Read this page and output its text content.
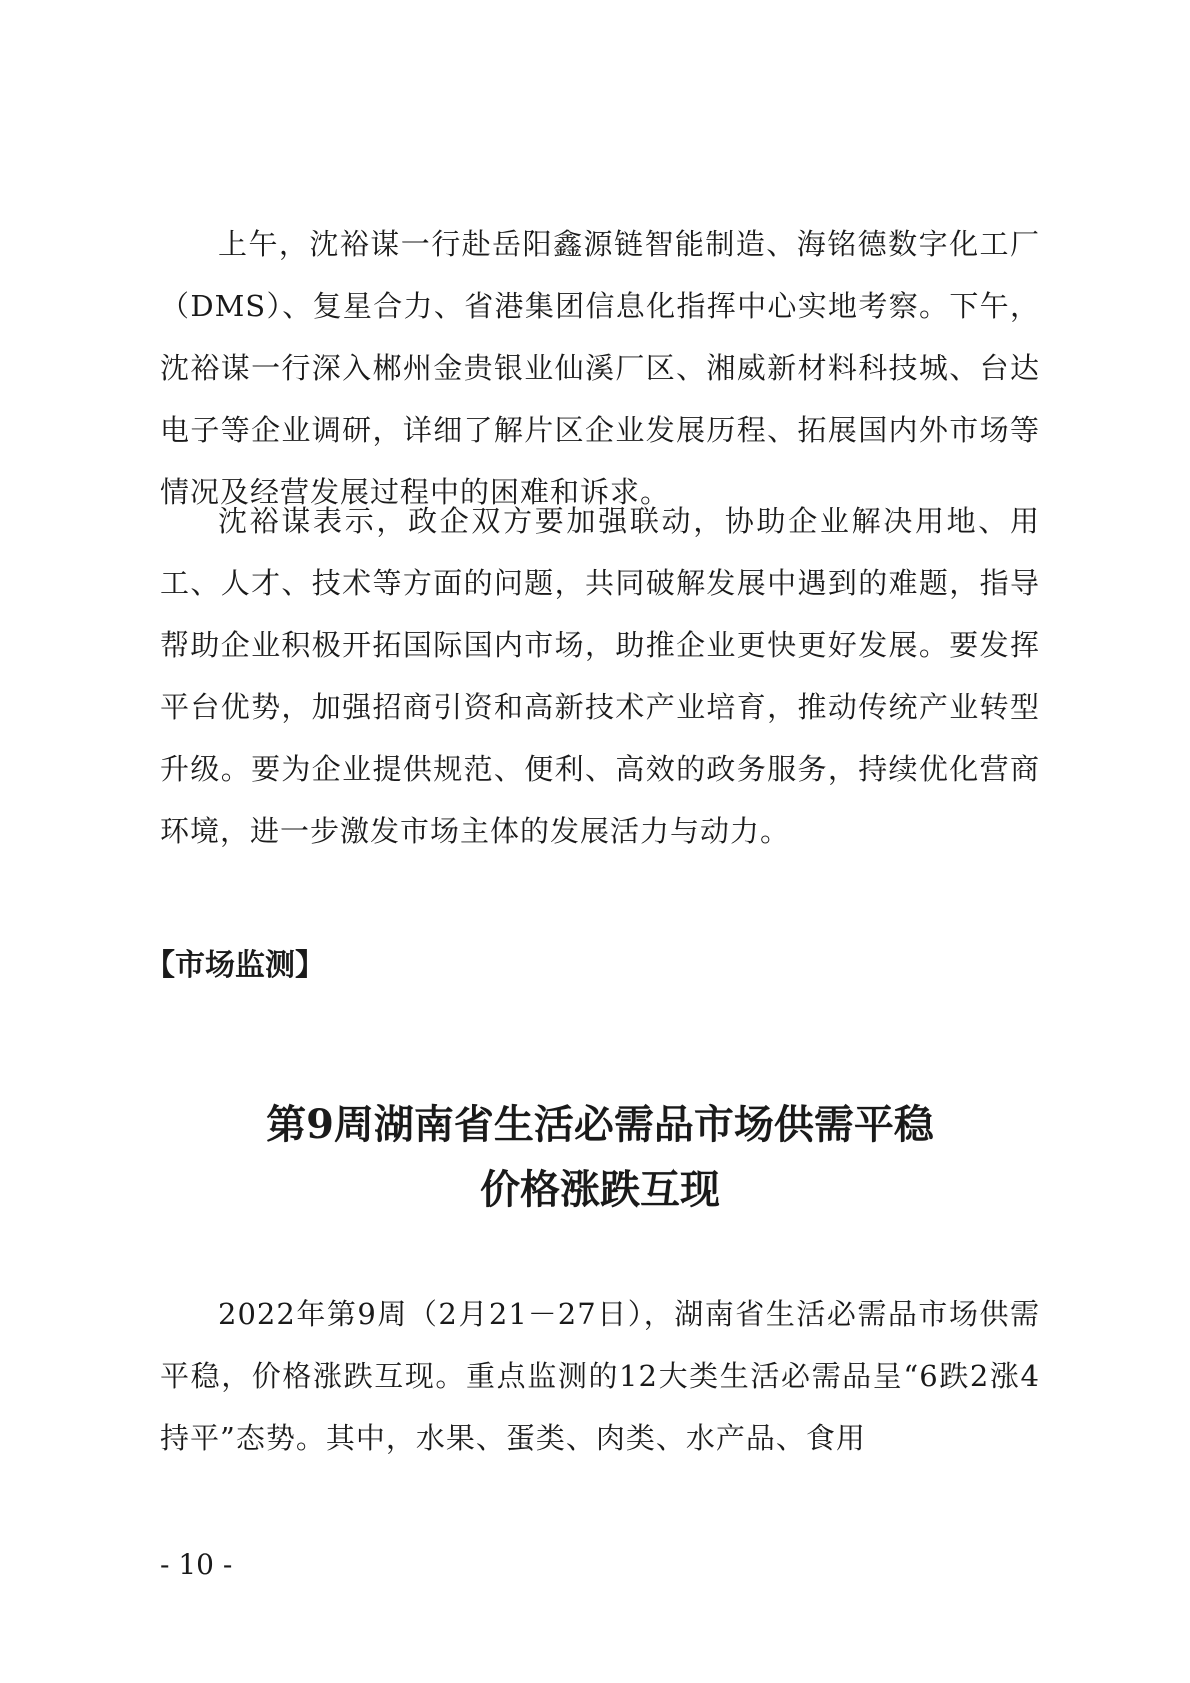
上午，沈裕谋一行赴岳阳鑫源链智能制造、海铭德数字化工厂（DMS）、复星合力、省港集团信息化指挥中心实地考察。下午，沈裕谋一行深入郴州金贵银业仙溪厂区、湘威新材料科技城、台达电子等企业调研，详细了解片区企业发展历程、拓展国内外市场等情况及经营发展过程中的困难和诉求。

沈裕谋表示，政企双方要加强联动，协助企业解决用地、用工、人才、技术等方面的问题，共同破解发展中遇到的难题，指导帮助企业积极开拓国际国内市场，助推企业更快更好发展。要发挥平台优势，加强招商引资和高新技术产业培育，推动传统产业转型升级。要为企业提供规范、便利、高效的政务服务，持续优化营商环境，进一步激发市场主体的发展活力与动力。

【市场监测】

第9周湖南省生活必需品市场供需平稳
价格涨跌互现

2022年第9周（2月21－27日），湖南省生活必需品市场供需平稳，价格涨跌互现。重点监测的12大类生活必需品呈“6跌2涨4持平”态势。其中，水果、蛋类、肉类、水产品、食用

- 10 -
